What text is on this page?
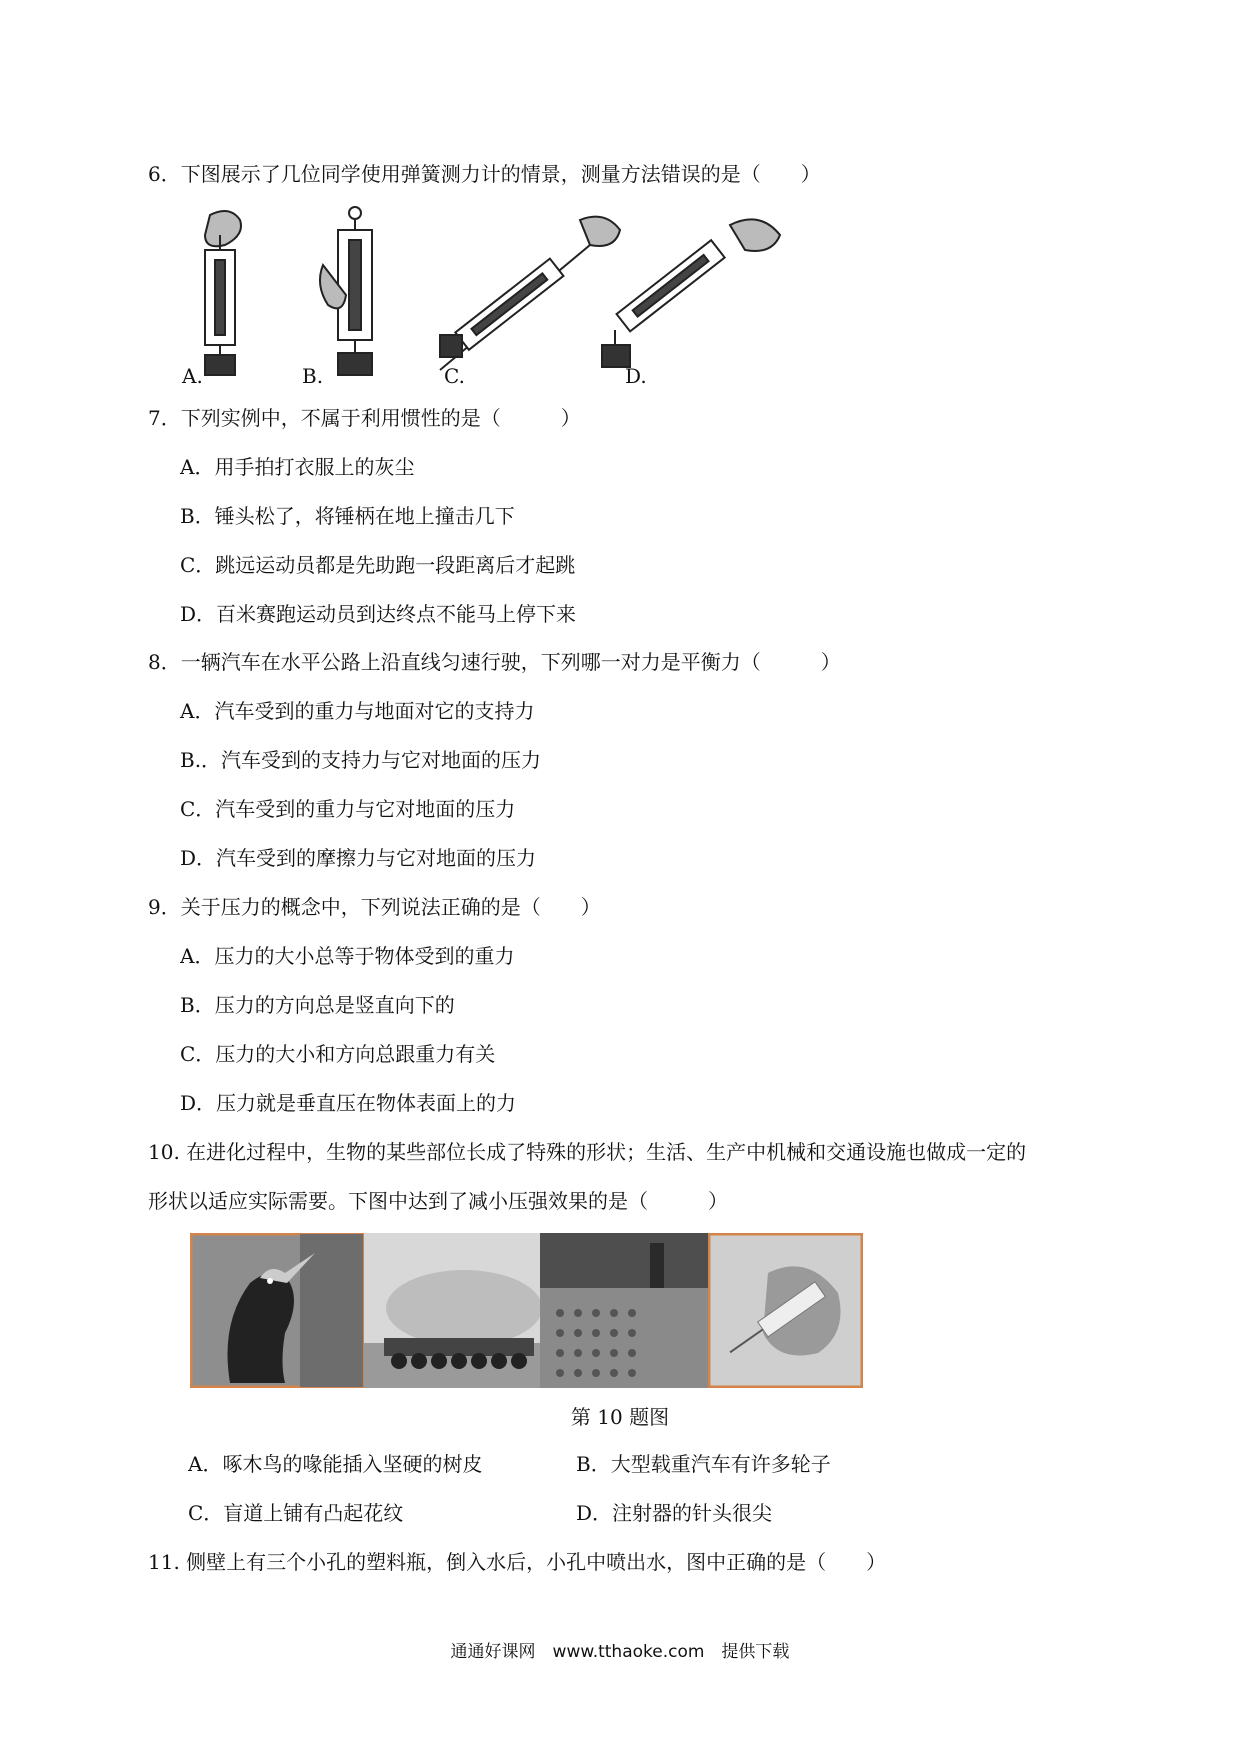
6．下图展示了几位同学使用弹簧测力计的情景，测量方法错误的是（　　）
A.	B.	C.	D.
7．下列实例中，不属于利用惯性的是（　　　）
A．用手拍打衣服上的灰尘
B．锤头松了，将锤柄在地上撞击几下
C．跳远运动员都是先助跑一段距离后才起跳
D．百米赛跑运动员到达终点不能马上停下来
8．一辆汽车在水平公路上沿直线匀速行驶，下列哪一对力是平衡力（　　　）
A．汽车受到的重力与地面对它的支持力
B.．汽车受到的支持力与它对地面的压力
C．汽车受到的重力与它对地面的压力
D．汽车受到的摩擦力与它对地面的压力
9．关于压力的概念中，下列说法正确的是（　　）
A．压力的大小总等于物体受到的重力
B．压力的方向总是竖直向下的
C．压力的大小和方向总跟重力有关
D．压力就是垂直压在物体表面上的力
10. 在进化过程中，生物的某些部位长成了特殊的形状；生活、生产中机械和交通设施也做成一定的
形状以适应实际需要。下图中达到了减小压强效果的是（　　　）
第 10 题图
A．啄木鸟的喙能插入坚硬的树皮	B．大型载重汽车有许多轮子
C．盲道上铺有凸起花纹	D．注射器的针头很尖
11. 侧壁上有三个小孔的塑料瓶，倒入水后，小孔中喷出水，图中正确的是（　　）
通通好课网　www.tthaoke.com　提供下载
